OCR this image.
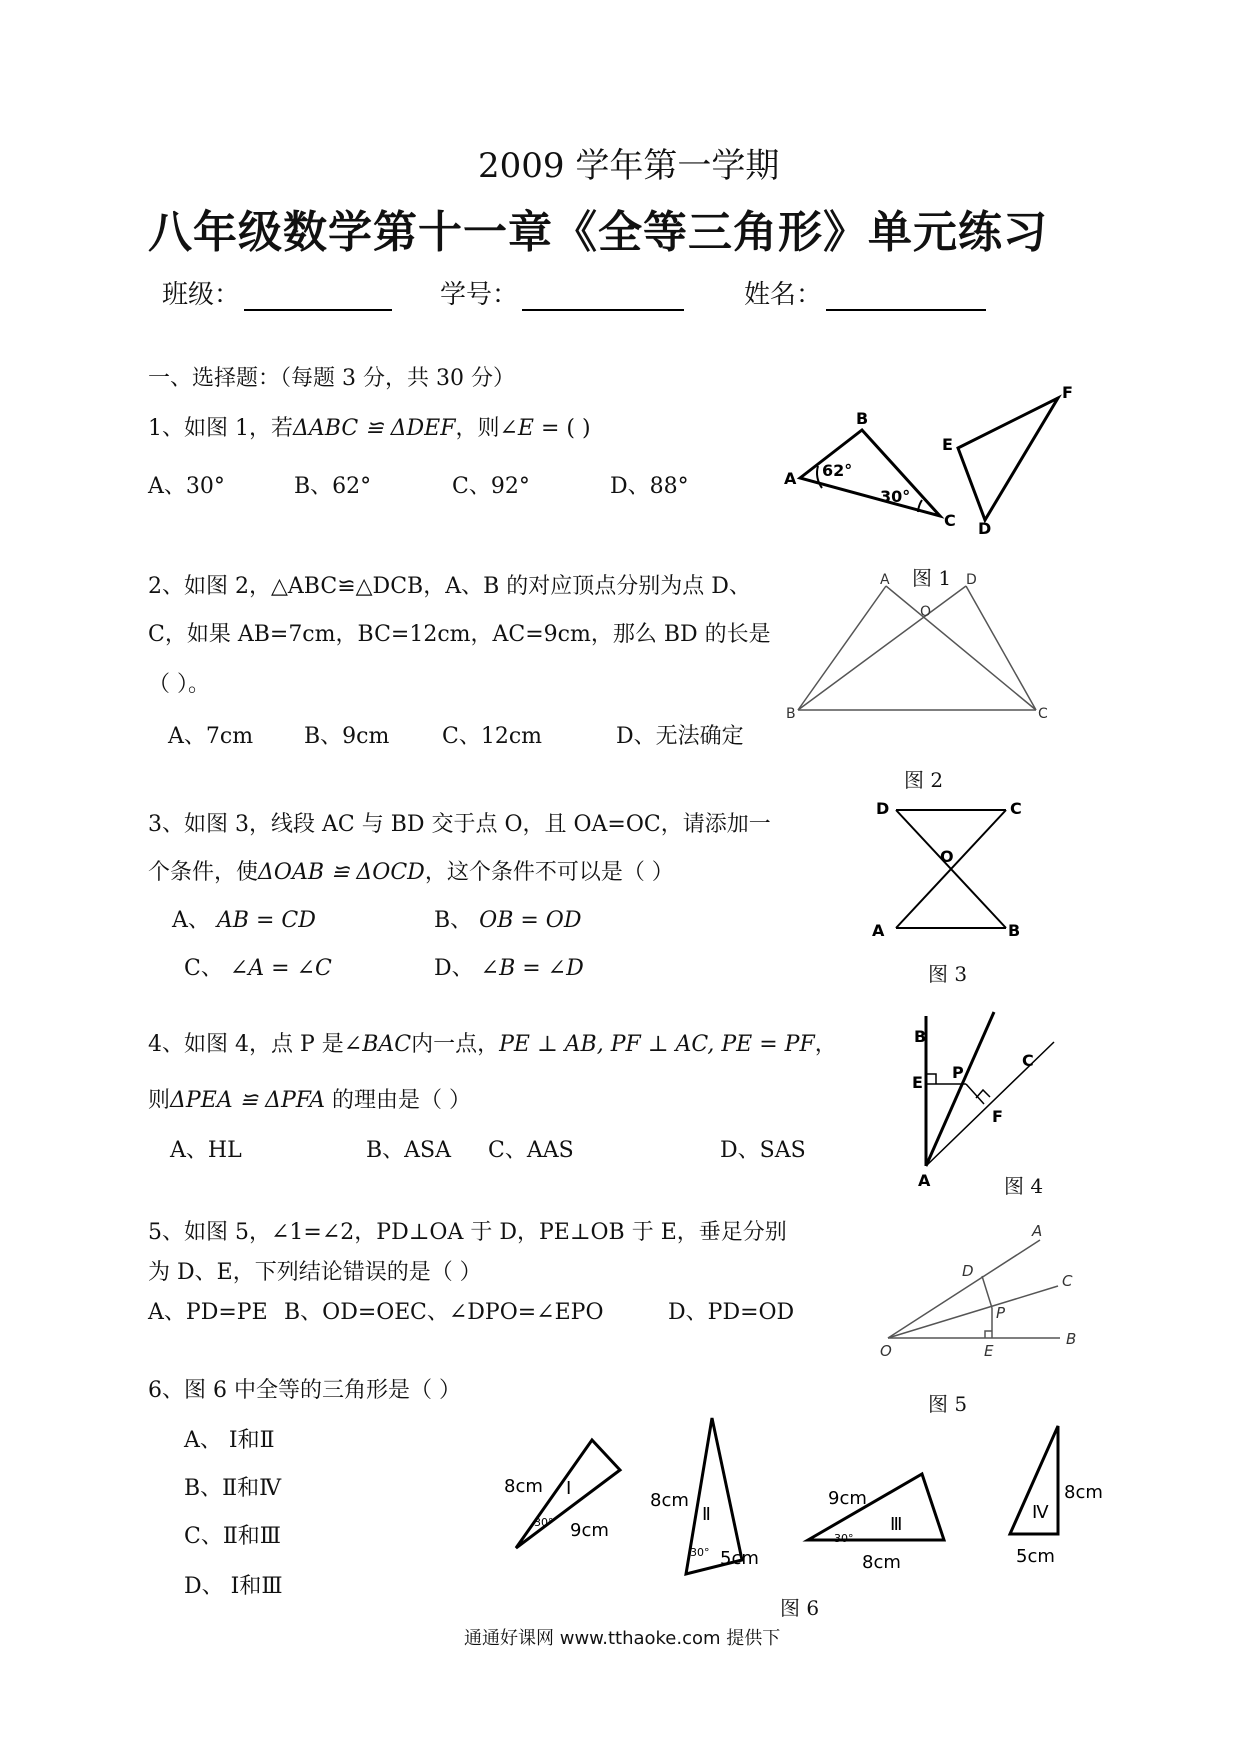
2009 学年第一学期
八年级数学第十一章《全等三角形》单元练习
班级：	学号：	姓名：
一、选择题：（每题 3 分，共 30 分）
1、如图 1，若ΔABC ≌ ΔDEF，则∠E = ( )
A、30°	B、62°	C、92°	D、88°	A
B
C D
E
F
62°
30°
图 1
2、如图 2，△ABC≌△DCB，A、B 的对应顶点分别为点 D、
C，如果 AB=7cm，BC=12cm，AC=9cm，那么 BD 的长是
（ ）。
A、7cm B、9cm C、12cm	D、无法确定
A	D
O
B	C
图 2
3、如图 3，线段 AC 与 BD 交于点 O，且 OA=OC，请添加一
个条件，使ΔOAB ≌ ΔOCD，这个条件不可以是（ ）
A、 AB = CD	B、 OB = OD
C、 ∠A = ∠C	D、 ∠B = ∠D
D	C
O
A	B
图 3
4、如图 4，点 P 是∠BAC内一点，PE ⊥ AB, PF ⊥ AC, PE = PF，
则ΔPEA ≌ ΔPFA 的理由是（ ）
A、HL	B、ASA C、AAS	D、SAS
B
C
E
P
F
A	图 4
5、如图 5，∠1=∠2，PD⊥OA 于 D，PE⊥OB 于 E，垂足分别
为 D、E，下列结论错误的是（ ）
A、PD=PE B、OD=OE C、∠DPO=∠EPO	D、PD=OD
A
D
C
P
O	E
B
图 5
6、图 6 中全等的三角形是（ ）
A、 Ⅰ和Ⅱ
B、Ⅱ和Ⅳ
C、Ⅱ和Ⅲ
D、 Ⅰ和Ⅲ
Ⅰ
8cm
9cm
30°	Ⅱ
8cm
5cm
30°
Ⅲ
9cm
8cm
30°
Ⅳ
8cm
5cm
图 6
通通好课网 www.tthaoke.com 提供下
